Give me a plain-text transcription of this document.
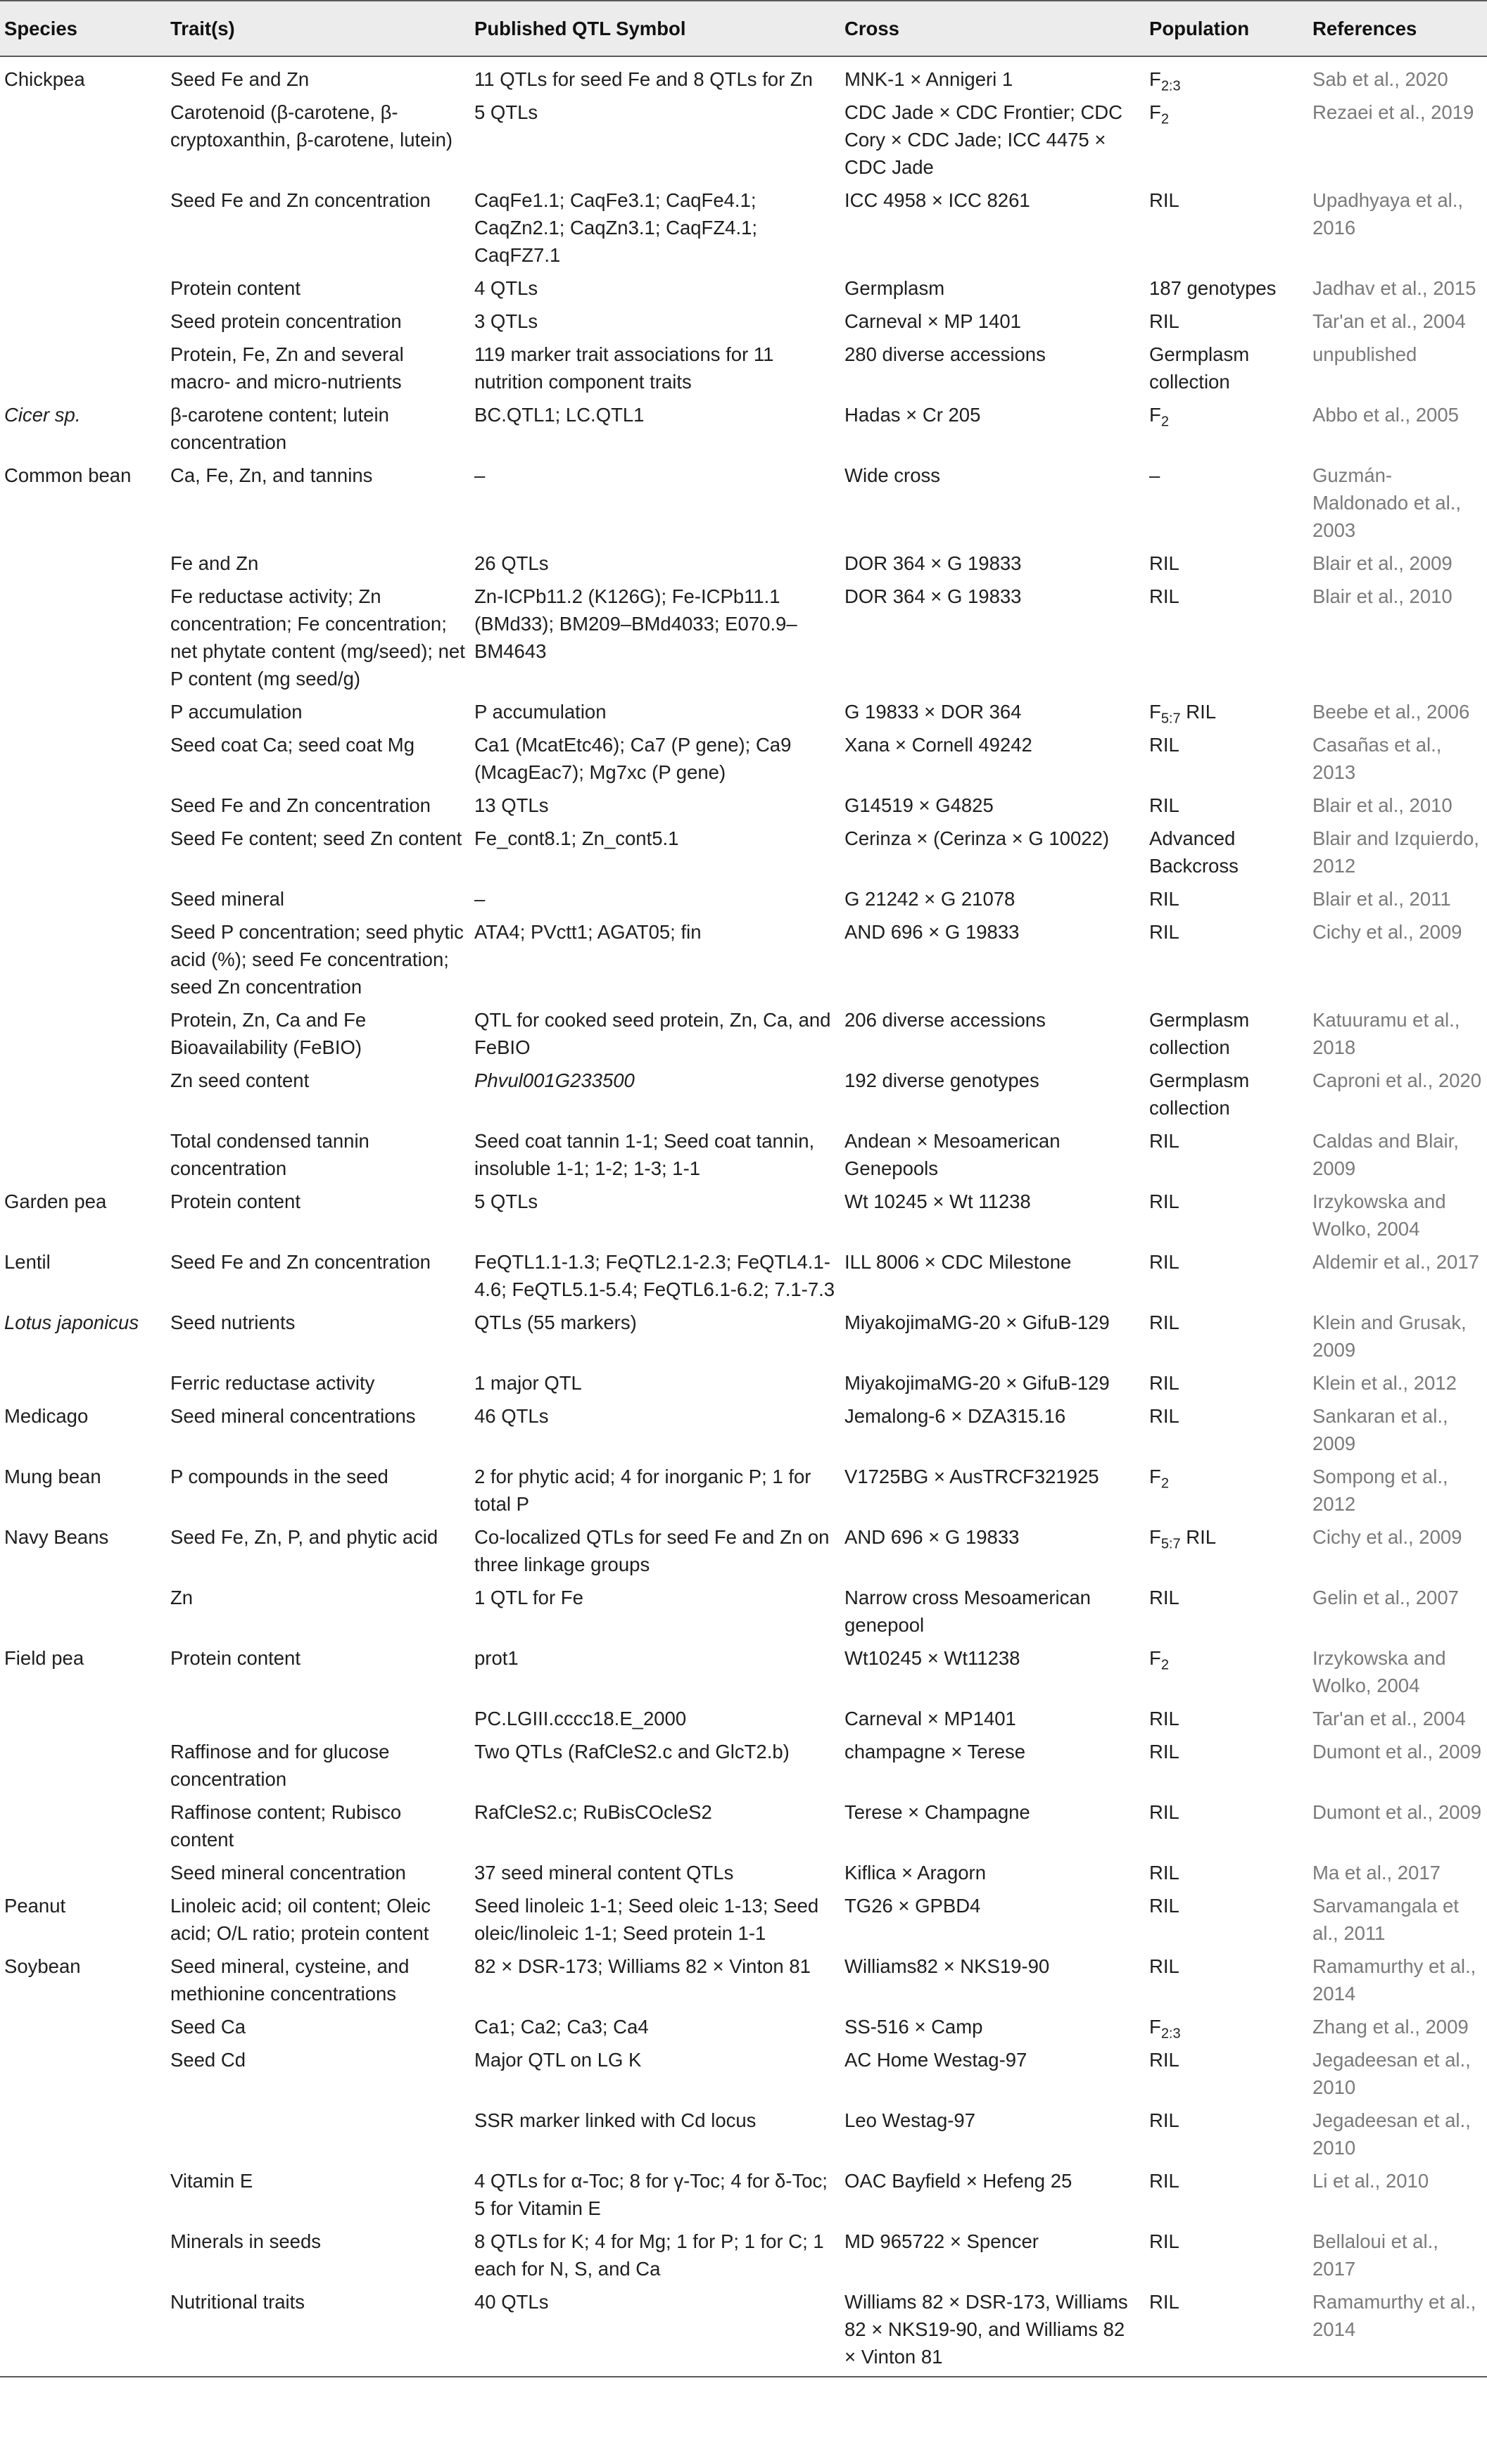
Species	Trait(s)	Published QTL Symbol	Cross	Population	References
Chickpea	Seed Fe and Zn	11 QTLs for seed Fe and 8 QTLs for Zn	MNK-1 × Annigeri 1	$F_{2:3}$	Sab et al., 2020
	Carotenoid (β-carotene, β-cryptoxanthin, β-carotene, lutein)	5 QTLs	CDC Jade × CDC Frontier; CDC Cory × CDC Jade; ICC 4475 × CDC Jade	$F_2$	Rezaei et al., 2019
	Seed Fe and Zn concentration	CaqFe1.1; CaqFe3.1; CaqFe4.1; CaqZn2.1; CaqZn3.1; CaqFZ4.1; CaqFZ7.1	ICC 4958 × ICC 8261	RIL	Upadhyaya et al., 2016
	Protein content	4 QTLs	Germplasm	187 genotypes	Jadhav et al., 2015
	Seed protein concentration	3 QTLs	Carneval × MP 1401	RIL	Tar'an et al., 2004
	Protein, Fe, Zn and several macro- and micro-nutrients	119 marker trait associations for 11 nutrition component traits	280 diverse accessions	Germplasm collection	unpublished
Cicer sp.	β-carotene content; lutein concentration	BC.QTL1; LC.QTL1	Hadas × Cr 205	$F_2$	Abbo et al., 2005
Common bean	Ca, Fe, Zn, and tannins	–	Wide cross	–	Guzmán-Maldonado et al., 2003
	Fe and Zn	26 QTLs	DOR 364 × G 19833	RIL	Blair et al., 2009
	Fe reductase activity; Zn concentration; Fe concentration; net phytate content (mg/seed); net P content (mg seed/g)	Zn-ICPb11.2 (K126G); Fe-ICPb11.1 (BMd33); BM209–BMd4033; E070.9–BM4643	DOR 364 × G 19833	RIL	Blair et al., 2010
	P accumulation	P accumulation	G 19833 × DOR 364	$F_{5:7}$ RIL	Beebe et al., 2006
	Seed coat Ca; seed coat Mg	Ca1 (McatEtc46); Ca7 (P gene); Ca9 (McagEac7); Mg7xc (P gene)	Xana × Cornell 49242	RIL	Casañas et al., 2013
	Seed Fe and Zn concentration	13 QTLs	G14519 × G4825	RIL	Blair et al., 2010
	Seed Fe content; seed Zn content	Fe_cont8.1; Zn_cont5.1	Cerinza × (Cerinza × G 10022)	Advanced Backcross	Blair and Izquierdo, 2012
	Seed mineral	–	G 21242 × G 21078	RIL	Blair et al., 2011
	Seed P concentration; seed phytic acid (%); seed Fe concentration; seed Zn concentration	ATA4; PVctt1; AGAT05; fin	AND 696 × G 19833	RIL	Cichy et al., 2009
	Protein, Zn, Ca and Fe Bioavailability (FeBIO)	QTL for cooked seed protein, Zn, Ca, and FeBIO	206 diverse accessions	Germplasm collection	Katuuramu et al., 2018
	Zn seed content	Phvul001G233500	192 diverse genotypes	Germplasm collection	Caproni et al., 2020
	Total condensed tannin concentration	Seed coat tannin 1-1; Seed coat tannin, insoluble 1-1; 1-2; 1-3; 1-1	Andean × Mesoamerican Genepools	RIL	Caldas and Blair, 2009
Garden pea	Protein content	5 QTLs	Wt 10245 × Wt 11238	RIL	Irzykowska and Wolko, 2004
Lentil	Seed Fe and Zn concentration	FeQTL1.1-1.3; FeQTL2.1-2.3; FeQTL4.1-4.6; FeQTL5.1-5.4; FeQTL6.1-6.2; 7.1-7.3	ILL 8006 × CDC Milestone	RIL	Aldemir et al., 2017
Lotus japonicus	Seed nutrients	QTLs (55 markers)	MiyakojimaMG-20 × GifuB-129	RIL	Klein and Grusak, 2009
	Ferric reductase activity	1 major QTL	MiyakojimaMG-20 × GifuB-129	RIL	Klein et al., 2012
Medicago	Seed mineral concentrations	46 QTLs	Jemalong-6 × DZA315.16	RIL	Sankaran et al., 2009
Mung bean	P compounds in the seed	2 for phytic acid; 4 for inorganic P; 1 for total P	V1725BG × AusTRCF321925	$F_2$	Sompong et al., 2012
Navy Beans	Seed Fe, Zn, P, and phytic acid	Co-localized QTLs for seed Fe and Zn on three linkage groups	AND 696 × G 19833	$F_{5:7}$ RIL	Cichy et al., 2009
	Zn	1 QTL for Fe	Narrow cross Mesoamerican genepool	RIL	Gelin et al., 2007
Field pea	Protein content	prot1	Wt10245 × Wt11238	$F_2$	Irzykowska and Wolko, 2004
		PC.LGIII.cccc18.E_2000	Carneval × MP1401	RIL	Tar'an et al., 2004
	Raffinose and for glucose concentration	Two QTLs (RafCleS2.c and GlcT2.b)	champagne × Terese	RIL	Dumont et al., 2009
	Raffinose content; Rubisco content	RafCleS2.c; RuBisCOcleS2	Terese × Champagne	RIL	Dumont et al., 2009
	Seed mineral concentration	37 seed mineral content QTLs	Kiflica × Aragorn	RIL	Ma et al., 2017
Peanut	Linoleic acid; oil content; Oleic acid; O/L ratio; protein content	Seed linoleic 1-1; Seed oleic 1-13; Seed oleic/linoleic 1-1; Seed protein 1-1	TG26 × GPBD4	RIL	Sarvamangala et al., 2011
Soybean	Seed mineral, cysteine, and methionine concentrations	82 × DSR-173; Williams 82 × Vinton 81	Williams82 × NKS19-90	RIL	Ramamurthy et al., 2014
	Seed Ca	Ca1; Ca2; Ca3; Ca4	SS-516 × Camp	$F_{2:3}$	Zhang et al., 2009
	Seed Cd	Major QTL on LG K	AC Home Westag-97	RIL	Jegadeesan et al., 2010
		SSR marker linked with Cd locus	Leo Westag-97	RIL	Jegadeesan et al., 2010
	Vitamin E	4 QTLs for α-Toc; 8 for γ-Toc; 4 for δ-Toc; 5 for Vitamin E	OAC Bayfield × Hefeng 25	RIL	Li et al., 2010
	Minerals in seeds	8 QTLs for K; 4 for Mg; 1 for P; 1 for C; 1 each for N, S, and Ca	MD 965722 × Spencer	RIL	Bellaloui et al., 2017
	Nutritional traits	40 QTLs	Williams 82 × DSR-173, Williams 82 × NKS19-90, and Williams 82 × Vinton 81	RIL	Ramamurthy et al., 2014
